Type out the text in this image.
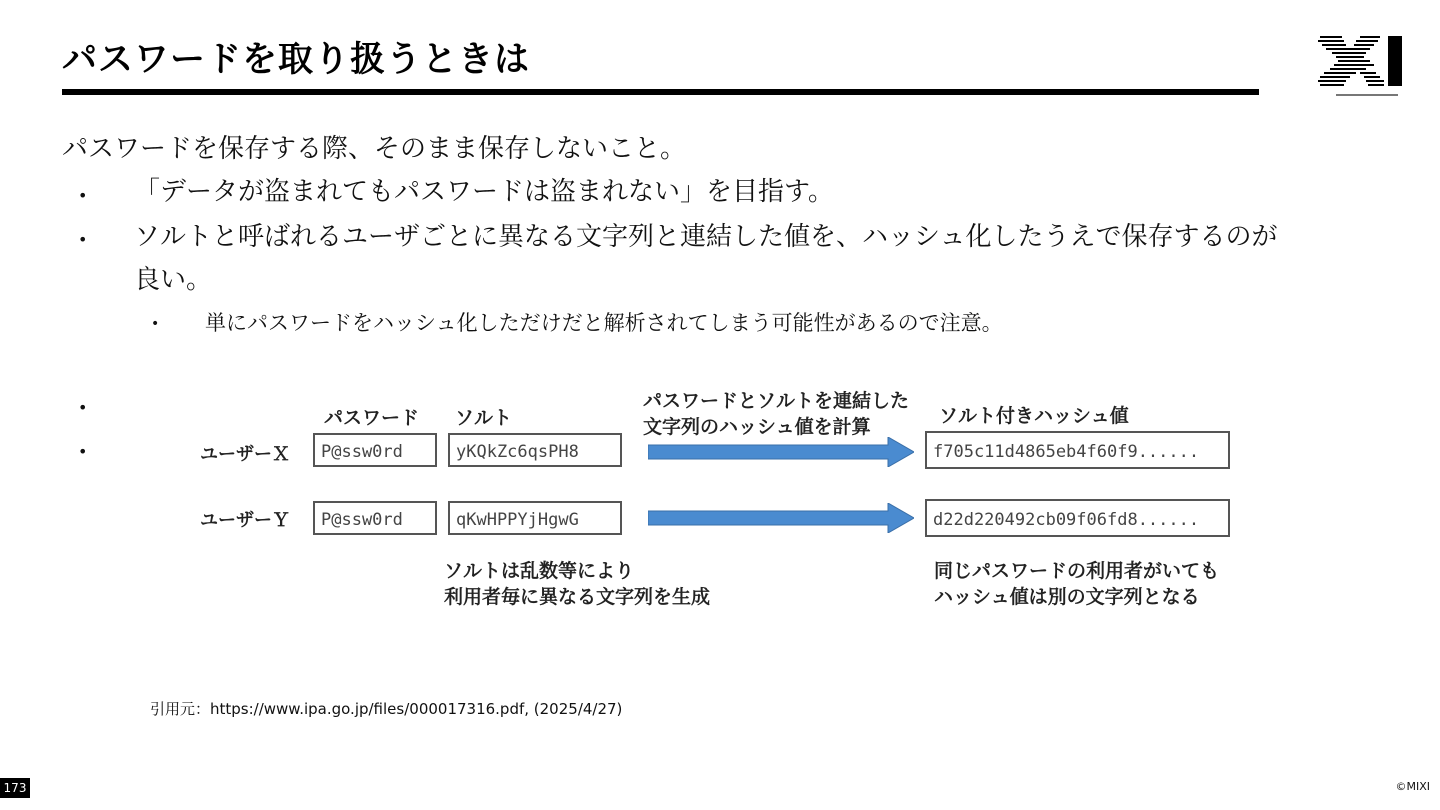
パスワードを取り扱うときは
パスワードを保存する際、そのまま保存しないこと。
• 「データが盗まれてもパスワードは盗まれない」を目指す。
• ソルトと呼ばれるユーザごとに異なる文字列と連結した値を、ハッシュ化したうえで保存するのが
良い。
• 単にパスワードをハッシュ化しただけだと解析されてしまう可能性があるので注意。
•
•
パスワード ソルト
パスワードとソルトを連結した
文字列のハッシュ値を計算	ソルト付きハッシュ値
ユーザーＸ	P@ssw0rd	yKQkZc6qsPH8	f705c11d4865eb4f60f9......
ユーザーＹ	P@ssw0rd	qKwHPPYjHgwG	d22d220492cb09f06fd8......
ソルトは乱数等により
利用者毎に異なる文字列を生成
同じパスワードの利用者がいても
ハッシュ値は別の文字列となる
引用元：https://www.ipa.go.jp/files/000017316.pdf, (2025/4/27)
173	©MIXI
